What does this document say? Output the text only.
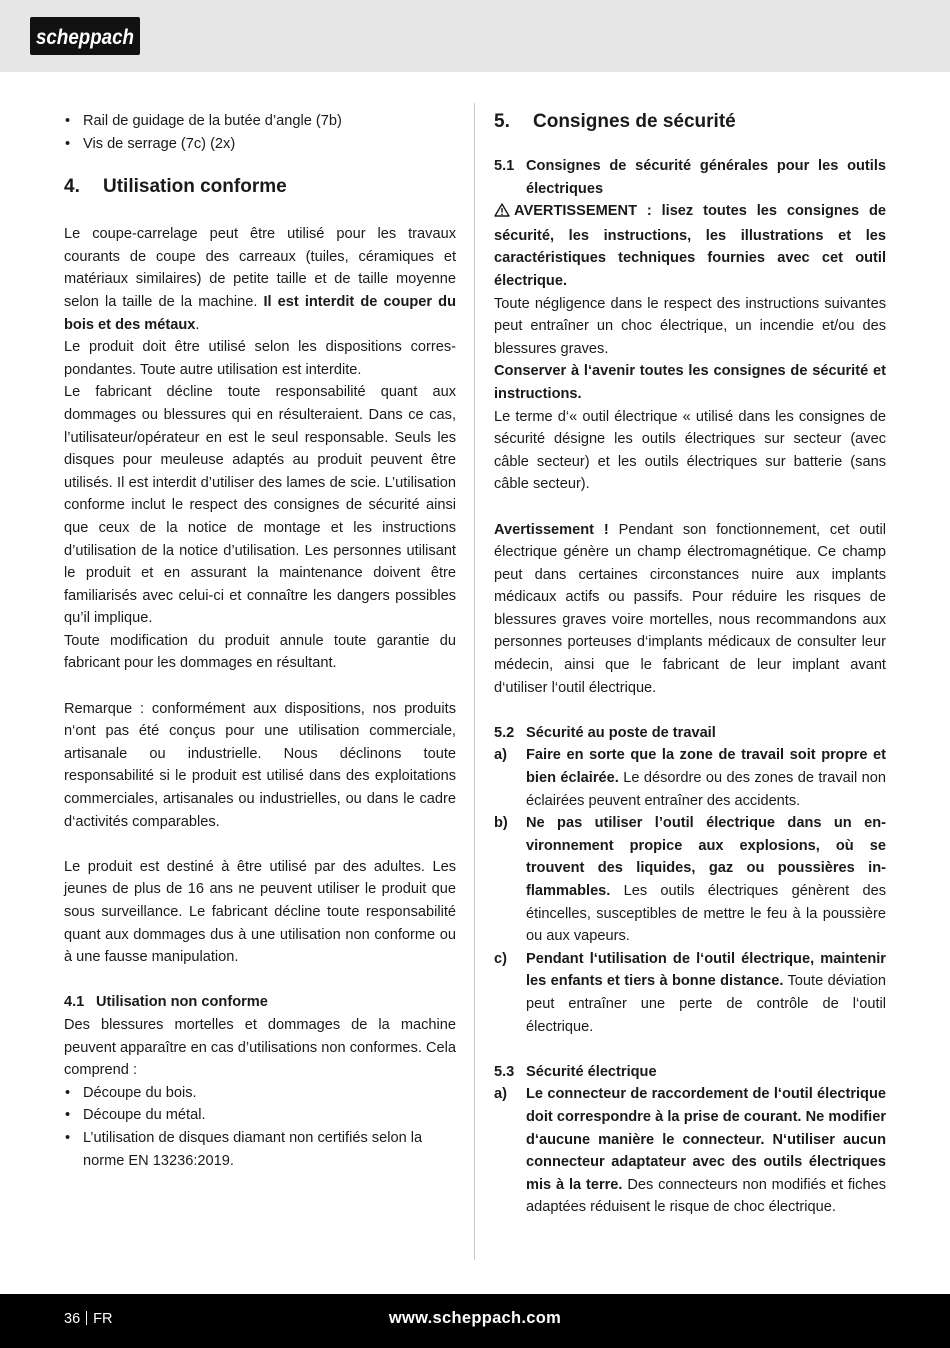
scheppach
• Rail de guidage de la butée d’angle (7b)
• Vis de serrage (7c) (2x)
4.	Utilisation conforme

Le coupe-carrelage peut être utilisé pour les travaux courants de coupe des carreaux (tuiles, céramiques et matériaux similaires) de petite taille et de taille moyenne selon la taille de la machine. Il est interdit de couper du bois et des métaux.

Le produit doit être utilisé selon les dispositions correspondantes. Toute autre utilisation est interdite.

Le fabricant décline toute responsabilité quant aux dommages ou blessures qui en résulteraient. Dans ce cas, l’utilisateur/opérateur en est le seul responsable. Seuls les disques pour meuleuse adaptés au produit peuvent être utilisés. Il est interdit d’utiliser des lames de scie. L’utilisation conforme inclut le respect des consignes de sécurité ainsi que ceux de la notice de montage et les instructions d’utilisation de la notice d’utilisation. Les personnes utilisant le produit et en assurant la maintenance doivent être familiarisés avec celui-ci et connaître les dangers possibles qu’il implique.

Toute modification du produit annule toute garantie du fabricant pour les dommages en résultant.

Remarque : conformément aux dispositions, nos produits n‘ont pas été conçus pour une utilisation commerciale, artisanale ou industrielle. Nous déclinons toute responsabilité si le produit est utilisé dans des exploitations commerciales, artisanales ou industrielles, ou dans le cadre d‘activités comparables.

Le produit est destiné à être utilisé par des adultes. Les jeunes de plus de 16 ans ne peuvent utiliser le produit que sous surveillance. Le fabricant décline toute responsabilité quant aux dommages dus à une utilisation non conforme ou à une fausse manipulation.

4.1 Utilisation non conforme

Des blessures mortelles et dommages de la machine peuvent apparaître en cas d’utilisations non conformes. Cela comprend :

• Découpe du bois.
• Découpe du métal.
• L’utilisation de disques diamant non certifiés selon la norme EN 13236:2019.
5.	Consignes de sécurité
5.1 Consignes de sécurité générales pour les outils électriques

AVERTISSEMENT : lisez toutes les consignes de sécurité, les instructions, les illustrations et les caractéristiques techniques fournies avec cet outil électrique.

Toute négligence dans le respect des instructions suivantes peut entraîner un choc électrique, un incendie et/ou des blessures graves.

Conserver à l‘avenir toutes les consignes de sécurité et instructions.

Le terme d‘« outil électrique « utilisé dans les consignes de sécurité désigne les outils électriques sur secteur (avec câble secteur) et les outils électriques sur batterie (sans câble secteur).

Avertissement ! Pendant son fonctionnement, cet outil électrique génère un champ électromagnétique. Ce champ peut dans certaines circonstances nuire aux implants médicaux actifs ou passifs. Pour réduire les risques de blessures graves voire mortelles, nous recommandons aux personnes porteuses d‘implants médicaux de consulter leur médecin, ainsi que le fabricant de leur implant avant d‘utiliser l‘outil électrique.

5.2 Sécurité au poste de travail
a)	Faire en sorte que la zone de travail soit propre et bien éclairée. Le désordre ou des zones de travail non éclairées peuvent entraîner des accidents.
b)	Ne pas utiliser l’outil électrique dans un environnement propice aux explosions, où se trouvent des liquides, gaz ou poussières inflammables. Les outils électriques génèrent des étincelles, susceptibles de mettre le feu à la poussière ou aux vapeurs.
c)	Pendant l‘utilisation de l‘outil électrique, maintenir les enfants et tiers à bonne distance. Toute déviation peut entraîner une perte de contrôle de l‘outil électrique.
5.3 Sécurité électrique
a)	Le connecteur de raccordement de l‘outil électrique doit correspondre à la prise de courant. Ne modifier d‘aucune manière le connecteur. N‘utiliser aucun connecteur adaptateur avec des outils électriques mis à la terre. Des connecteurs non modifiés et fiches adaptées réduisent le risque de choc électrique.
36 FR	www.scheppach.com
